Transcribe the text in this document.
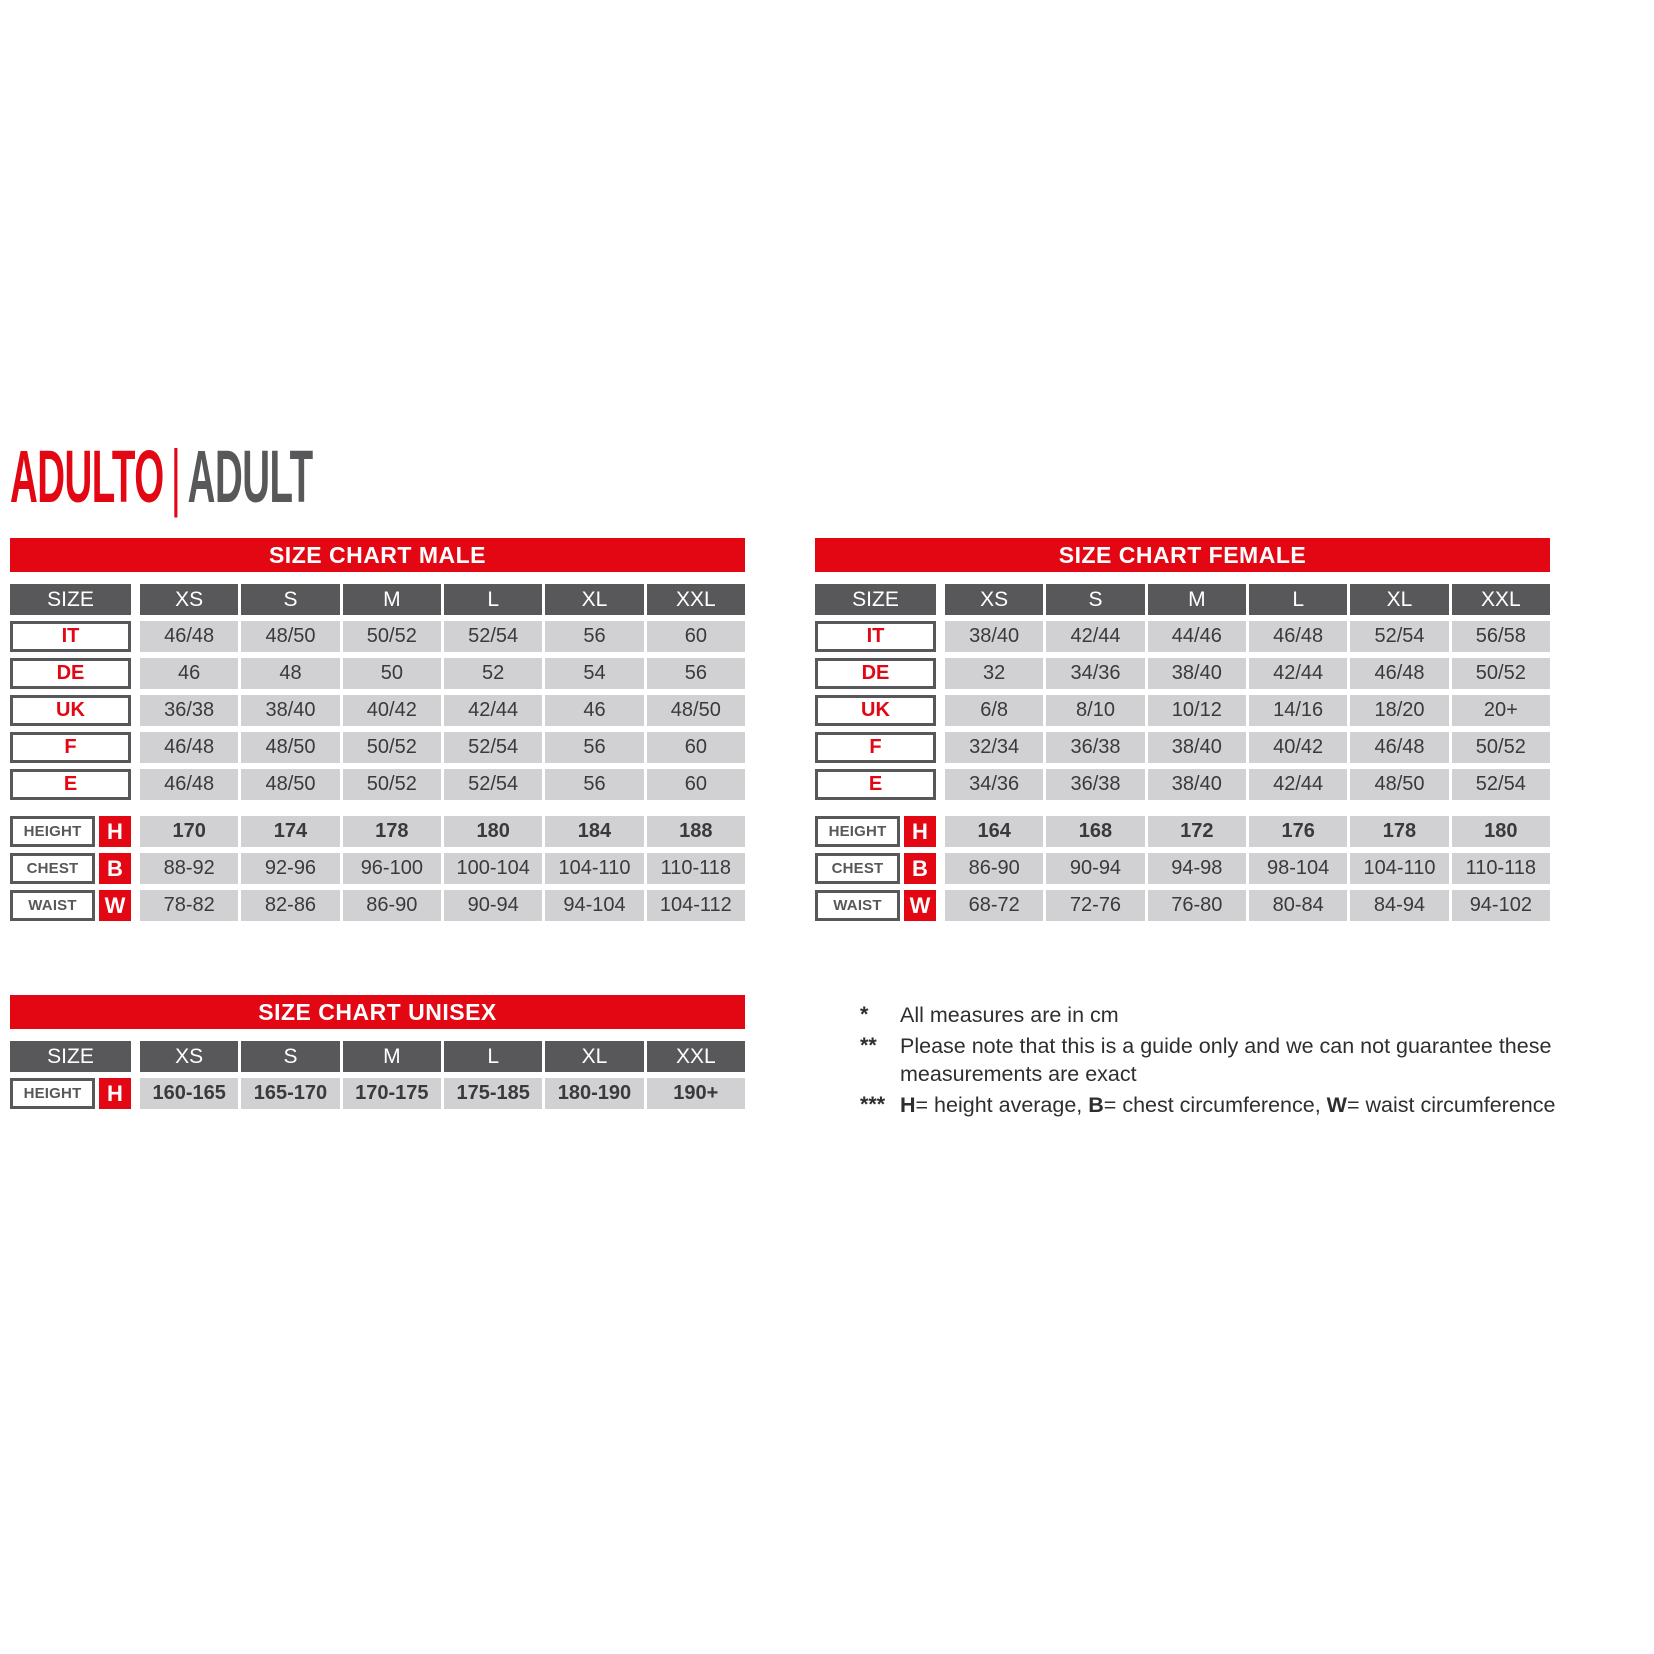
ADULTO|ADULT
SIZE CHART MALE
SIZE	XS	S	M	L	XL	XXL
IT	46/48	48/50	50/52	52/54	56	60
DE	46	48	50	52	54	56
UK	36/38	38/40	40/42	42/44	46	48/50
F	46/48	48/50	50/52	52/54	56	60
E	46/48	48/50	50/52	52/54	56	60
HEIGHT	H	170	174	178	180	184	188
CHEST	B	88-92	92-96	96-100	100-104	104-110	110-118
WAIST	W	78-82	82-86	86-90	90-94	94-104	104-112
SIZE CHART FEMALE
SIZE	XS	S	M	L	XL	XXL
IT	38/40	42/44	44/46	46/48	52/54	56/58
DE	32	34/36	38/40	42/44	46/48	50/52
UK	6/8	8/10	10/12	14/16	18/20	20+
F	32/34	36/38	38/40	40/42	46/48	50/52
E	34/36	36/38	38/40	42/44	48/50	52/54
HEIGHT	H	164	168	172	176	178	180
CHEST	B	86-90	90-94	94-98	98-104	104-110	110-118
WAIST	W	68-72	72-76	76-80	80-84	84-94	94-102
SIZE CHART UNISEX
SIZE	XS	S	M	L	XL	XXL
HEIGHT	H	160-165	165-170	170-175	175-185	180-190	190+
*	All measures are in cm
**	Please note that this is a guide only and we can not guarantee these measurements are exact
*** H= height average, B= chest circumference, W= waist circumference
